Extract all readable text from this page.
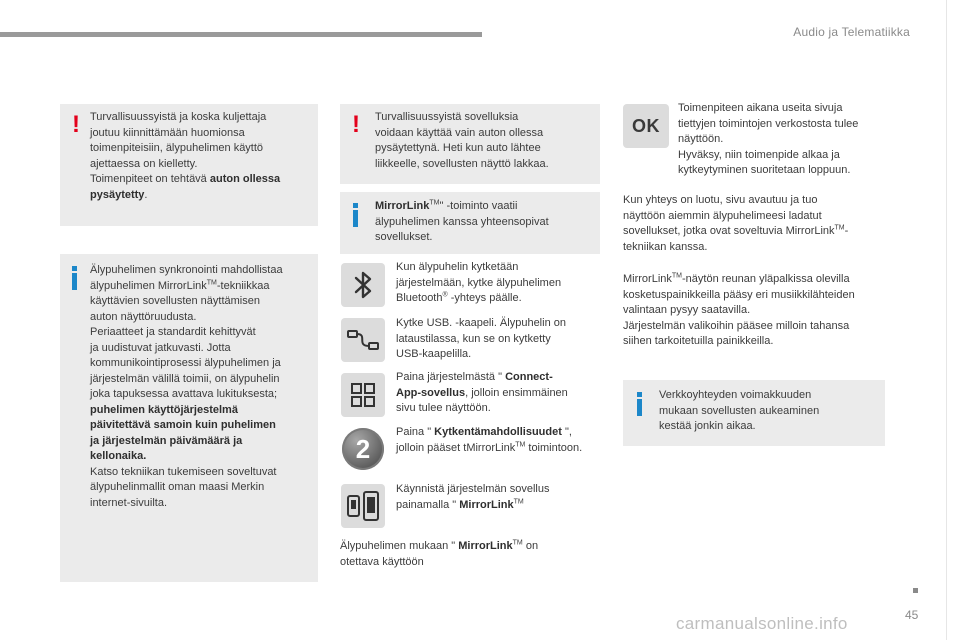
Audio ja Telematiikka
! Turvallisuussyistä ja koska kuljettaja
joutuu kiinnittämään huomionsa
toimenpiteisiin, älypuhelimen käyttö
ajettaessa on kielletty.
Toimenpiteet on tehtävä auton ollessa
pysäytetty.
Älypuhelimen synkronointi mahdollistaa
älypuhelimen MirrorLink™-tekniikkaa
käyttävien sovellusten näyttämisen
auton näyttöruudusta.
Periaatteet ja standardit kehittyvät
ja uudistuvat jatkuvasti. Jotta
kommunikointiprosessi älypuhelimen ja
järjestelmän välillä toimii, on älypuhelin
joka tapuksessa avattava lukituksesta;
puhelimen käyttöjärjestelmä
päivitettävä samoin kuin puhelimen
ja järjestelmän päivämäärä ja
kellonaika.
Katso tekniikan tukemiseen soveltuvat
älypuhelinmallit oman maasi Merkin
internet-sivuilta.
!	Turvallisuussyistä sovelluksia
voidaan käyttää vain auton ollessa
pysäytettynä. Heti kun auto lähtee
liikkeelle, sovellusten näyttö lakkaa.
MirrorLink™" -toiminto vaatii
älypuhelimen kanssa yhteensopivat
sovellukset.
Kun älypuhelin kytketään
järjestelmään, kytke älypuhelimen
Bluetooth® -yhteys päälle.
Kytke USB. -kaapeli. Älypuhelin on
lataustilassa, kun se on kytketty
USB-kaapelilla.
Paina järjestelmästä " Connect-
App-sovellus, jolloin ensimmäinen
sivu tulee näyttöön.
2
Paina " Kytkentämahdollisuudet ",
jolloin pääset tMirrorLink™ toimintoon.
Käynnistä järjestelmän sovellus
painamalla " MirrorLink™
Älypuhelimen mukaan " MirrorLink™ on
otettava käyttöön
OK
Toimenpiteen aikana useita sivuja
tiettyjen toimintojen verkostosta tulee
näyttöön.
Hyväksy, niin toimenpide alkaa ja
kytkeytyminen suoritetaan loppuun.
Kun yhteys on luotu, sivu avautuu ja tuo
näyttöön aiemmin älypuhelimeesi ladatut
sovellukset, jotka ovat soveltuvia MirrorLink™-
tekniikan kanssa.
MirrorLink™-näytön reunan yläpalkissa olevilla
kosketuspainikkeilla pääsy eri musiikkilähteiden
valintaan pysyy saatavilla.
Järjestelmän valikoihin pääsee milloin tahansa
siihen tarkoitetuilla painikkeilla.
Verkkoyhteyden voimakkuuden
mukaan sovellusten aukeaminen
kestää jonkin aikaa.
45
carmanualsonline.info
